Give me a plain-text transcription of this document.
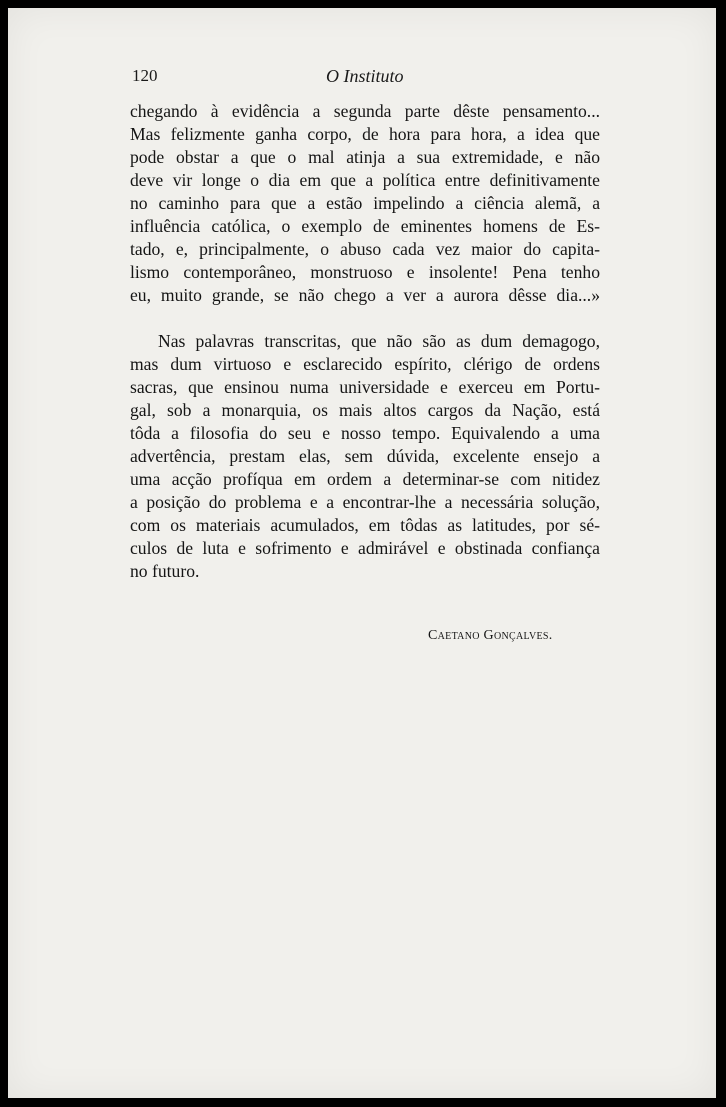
120	O Instituto
chegando à evidência a segunda parte dêste pensamento...
Mas felizmente ganha corpo, de hora para hora, a idea que
pode obstar a que o mal atinja a sua extremidade, e não
deve vir longe o dia em que a política entre definitivamente
no caminho para que a estão impelindo a ciência alemã, a
influência católica, o exemplo de eminentes homens de Es-
tado, e, principalmente, o abuso cada vez maior do capita-
lismo contemporâneo, monstruoso e insolente! Pena tenho
eu, muito grande, se não chego a ver a aurora dêsse dia...»
Nas palavras transcritas, que não são as dum demagogo,
mas dum virtuoso e esclarecido espírito, clérigo de ordens
sacras, que ensinou numa universidade e exerceu em Portu-
gal, sob a monarquia, os mais altos cargos da Nação, está
tôda a filosofia do seu e nosso tempo. Equivalendo a uma
advertência, prestam elas, sem dúvida, excelente ensejo a
uma acção profíqua em ordem a determinar-se com nitidez
a posição do problema e a encontrar-lhe a necessária solução,
com os materiais acumulados, em tôdas as latitudes, por sé-
culos de luta e sofrimento e admirável e obstinada confiança
no futuro.
Caetano Gonçalves.
